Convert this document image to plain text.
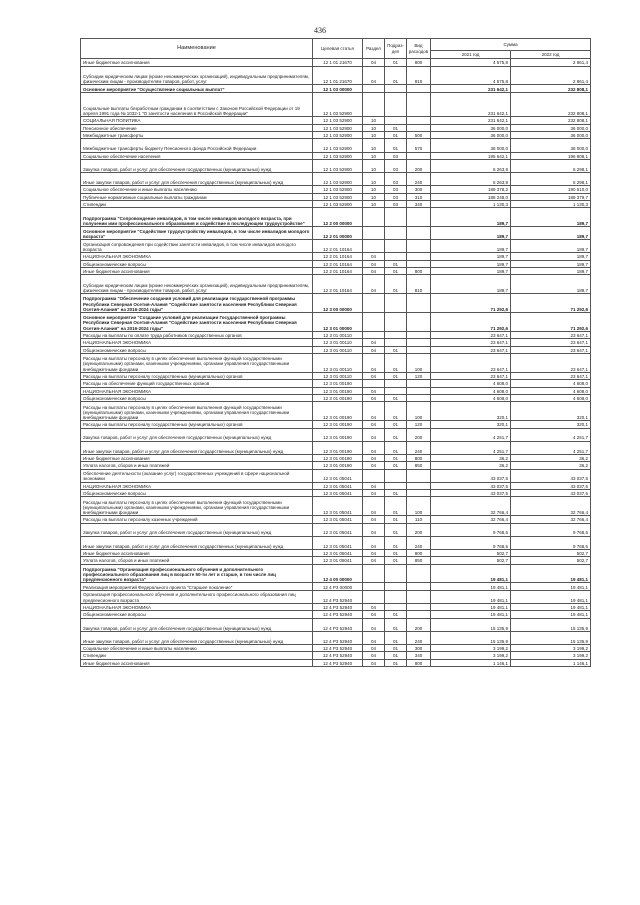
436
Наименование	Целевая статья	Раздел	Подраз-дел	Вид расходов	Сумма	
					2021 год	2022 год
Иные бюджетные ассигнования	12 1 01 21670	04	01	800	4 575,8	2 861,4
Субсидии юридическим лицам (кроме некоммерческих организаций), индивидуальным предпринимателям, физическим лицам - производителям товаров, работ, услуг	12 1 01 21670	04	01	810	4 575,8	2 861,4
Основное мероприятие "Осуществление социальных выплат"	12 1 03 00000				231 642,1	232 808,1
Социальные выплаты безработным гражданам в соответствии с Законом Российской Федерации от 19 апреля 1991 года № 1032-1 "О занятости населения в Российской Федерации"	12 1 03 52900				231 642,1	232 808,1
СОЦИАЛЬНАЯ ПОЛИТИКА	12 1 03 52900	10			231 642,1	232 808,1
Пенсионное обеспечение	12 1 03 52900	10	01		36 000,0	36 000,0
Межбюджетные трансферты	12 1 03 52900	10	01	500	36 000,0	36 000,0
Межбюджетные трансферты бюджету Пенсионного фонда Российской Федерации	12 1 03 52900	10	01	570	36 000,0	36 000,0
Социальное обеспечение населения	12 1 03 52900	10	03		195 642,1	196 808,1
Закупка товаров, работ и услуг для обеспечения государственных (муниципальных) нужд	12 1 03 52900	10	03	200	6 263,9	6 298,1
Иные закупки товаров, работ и услуг для обеспечения государственных (муниципальных) нужд	12 1 03 52900	10	03	240	6 263,9	6 298,1
Социальное обеспечение и иные выплаты населению	12 1 03 52900	10	03	300	189 378,2	190 510,0
Публичные нормативные социальные выплаты гражданам	12 1 03 52900	10	03	310	188 248,0	189 379,7
Стипендии	12 1 03 52900	10	03	340	1 130,3	1 130,3
Подпрограмма "Сопровождение инвалидов, в том числе инвалидов молодого возраста, при получении ими профессионального образования и содействие в последующем трудоустройстве"	12 2 00 00000				189,7	189,7
Основное мероприятие "Содействие трудоустройству инвалидов, в том числе инвалидов молодого возраста"	12 2 01 00000				189,7	189,7
Организация сопровождения при содействии занятости инвалидов, в том числе инвалидов молодого возраста	12 2 01 10164				189,7	189,7
НАЦИОНАЛЬНАЯ ЭКОНОМИКА	12 2 01 10164	04			189,7	189,7
Общеэкономические вопросы	12 2 01 10164	04	01		189,7	189,7
Иные бюджетные ассигнования	12 2 01 10164	04	01	800	189,7	189,7
Субсидии юридическим лицам (кроме некоммерческих организаций), индивидуальным предпринимателям, физическим лицам - производителям товаров, работ, услуг	12 2 01 10164	04	01	810	189,7	189,7
Подпрограмма "Обеспечение создания условий для реализации государственной программы Республики Северная Осетия-Алания "Содействие занятости населения Республики Северная Осетия-Алания" на 2016-2024 годы"	12 3 00 00000				71 292,6	71 292,6
Основное мероприятие "Создание условий для реализации Государственной программы Республики Северная Осетия-Алания "Содействие занятости населения Республики Северная Осетия-Алания" на 2016-2024 годы"	12 3 01 00000				71 292,6	71 292,6
Расходы на выплаты по оплате труда работников государственных органов	12 3 01 00110				23 647,1	23 647,1
НАЦИОНАЛЬНАЯ ЭКОНОМИКА	12 3 01 00110	04			23 647,1	23 647,1
Общеэкономические вопросы	12 3 01 00110	04	01		23 647,1	23 647,1
Расходы на выплаты персоналу в целях обеспечения выполнения функций государственными (муниципальными) органами, казенными учреждениями, органами управления государственными внебюджетными фондами	12 3 01 00110	04	01	100	23 647,1	23 647,1
Расходы на выплаты персоналу государственных (муниципальных) органов	12 3 01 00110	04	01	120	23 647,1	23 647,1
Расходы на обеспечение функций государственных органов	12 3 01 00190				4 608,0	4 608,0
НАЦИОНАЛЬНАЯ ЭКОНОМИКА	12 3 01 00190	04			4 608,0	4 608,0
Общеэкономические вопросы	12 3 01 00190	04	01		4 608,0	4 608,0
Расходы на выплаты персоналу в целях обеспечения выполнения функций государственными (муниципальными) органами, казенными учреждениями, органами управления государственными внебюджетными фондами	12 3 01 00190	04	01	100	320,1	320,1
Расходы на выплаты персоналу государственных (муниципальных) органов	12 3 01 00190	04	01	120	320,1	320,1
Закупка товаров, работ и услуг для обеспечения государственных (муниципальных) нужд	12 3 01 00190	04	01	200	4 251,7	4 251,7
Иные закупки товаров, работ и услуг для обеспечения государственных (муниципальных) нужд	12 3 01 00190	04	01	240	4 251,7	4 251,7
Иные бюджетные ассигнования	12 3 01 00190	04	01	800	36,2	36,2
Уплата налогов, сборов и иных платежей	12 3 01 00190	04	01	850	36,2	36,2
Обеспечение деятельности (оказание услуг) государственных учреждений в сфере национальной экономики	12 3 01 05041				43 037,5	43 037,5
НАЦИОНАЛЬНАЯ ЭКОНОМИКА	12 3 01 05041	04			43 037,5	43 037,5
Общеэкономические вопросы	12 3 01 05041	04	01		43 037,5	43 037,5
Расходы на выплаты персоналу в целях обеспечения выполнения функций государственными (муниципальными) органами, казенными учреждениями, органами управления государственными внебюджетными фондами	12 3 01 05041	04	01	100	32 766,4	32 766,4
Расходы на выплаты персоналу казенных учреждений	12 3 01 05041	04	01	110	32 766,4	32 766,4
Закупка товаров, работ и услуг для обеспечения государственных (муниципальных) нужд	12 3 01 05041	04	01	200	9 768,5	9 768,5
Иные закупки товаров, работ и услуг для обеспечения государственных (муниципальных) нужд	12 3 01 05041	04	01	240	9 768,5	9 768,5
Иные бюджетные ассигнования	12 3 01 05041	04	01	800	502,7	502,7
Уплата налогов, сборов и иных платежей	12 3 01 05041	04	01	850	502,7	502,7
Подпрограмма "Организация профессионального обучения и дополнительного профессионального образования лиц в возрасте 50-ти лет и старше, в том числе лиц предпенсионного возраста"	12 4 00 00000				19 481,1	19 481,1
Реализация мероприятий Федерального проекта "Старшее поколение"	12 4 P3 00000				19 481,1	19 481,1
Организация профессионального обучения и дополнительного профессионального образования лиц предпенсионного возраста	12 4 P3 52940				19 481,1	19 481,1
НАЦИОНАЛЬНАЯ ЭКОНОМИКА	12 4 P3 52940	04			19 481,1	19 481,1
Общеэкономические вопросы	12 4 P3 52940	04	01		19 481,1	19 481,1
Закупка товаров, работ и услуг для обеспечения государственных (муниципальных) нужд	12 4 P3 52940	04	01	200	15 135,9	15 135,9
Иные закупки товаров, работ и услуг для обеспечения государственных (муниципальных) нужд	12 4 P3 52940	04	01	240	15 135,9	15 135,9
Социальное обеспечение и иные выплаты населению	12 4 P3 52940	04	01	300	3 199,2	3 199,2
Стипендии	12 4 P3 52940	04	01	340	3 199,2	3 199,2
Иные бюджетные ассигнования	12 4 P3 52940	04	01	800	1 146,1	1 146,1
